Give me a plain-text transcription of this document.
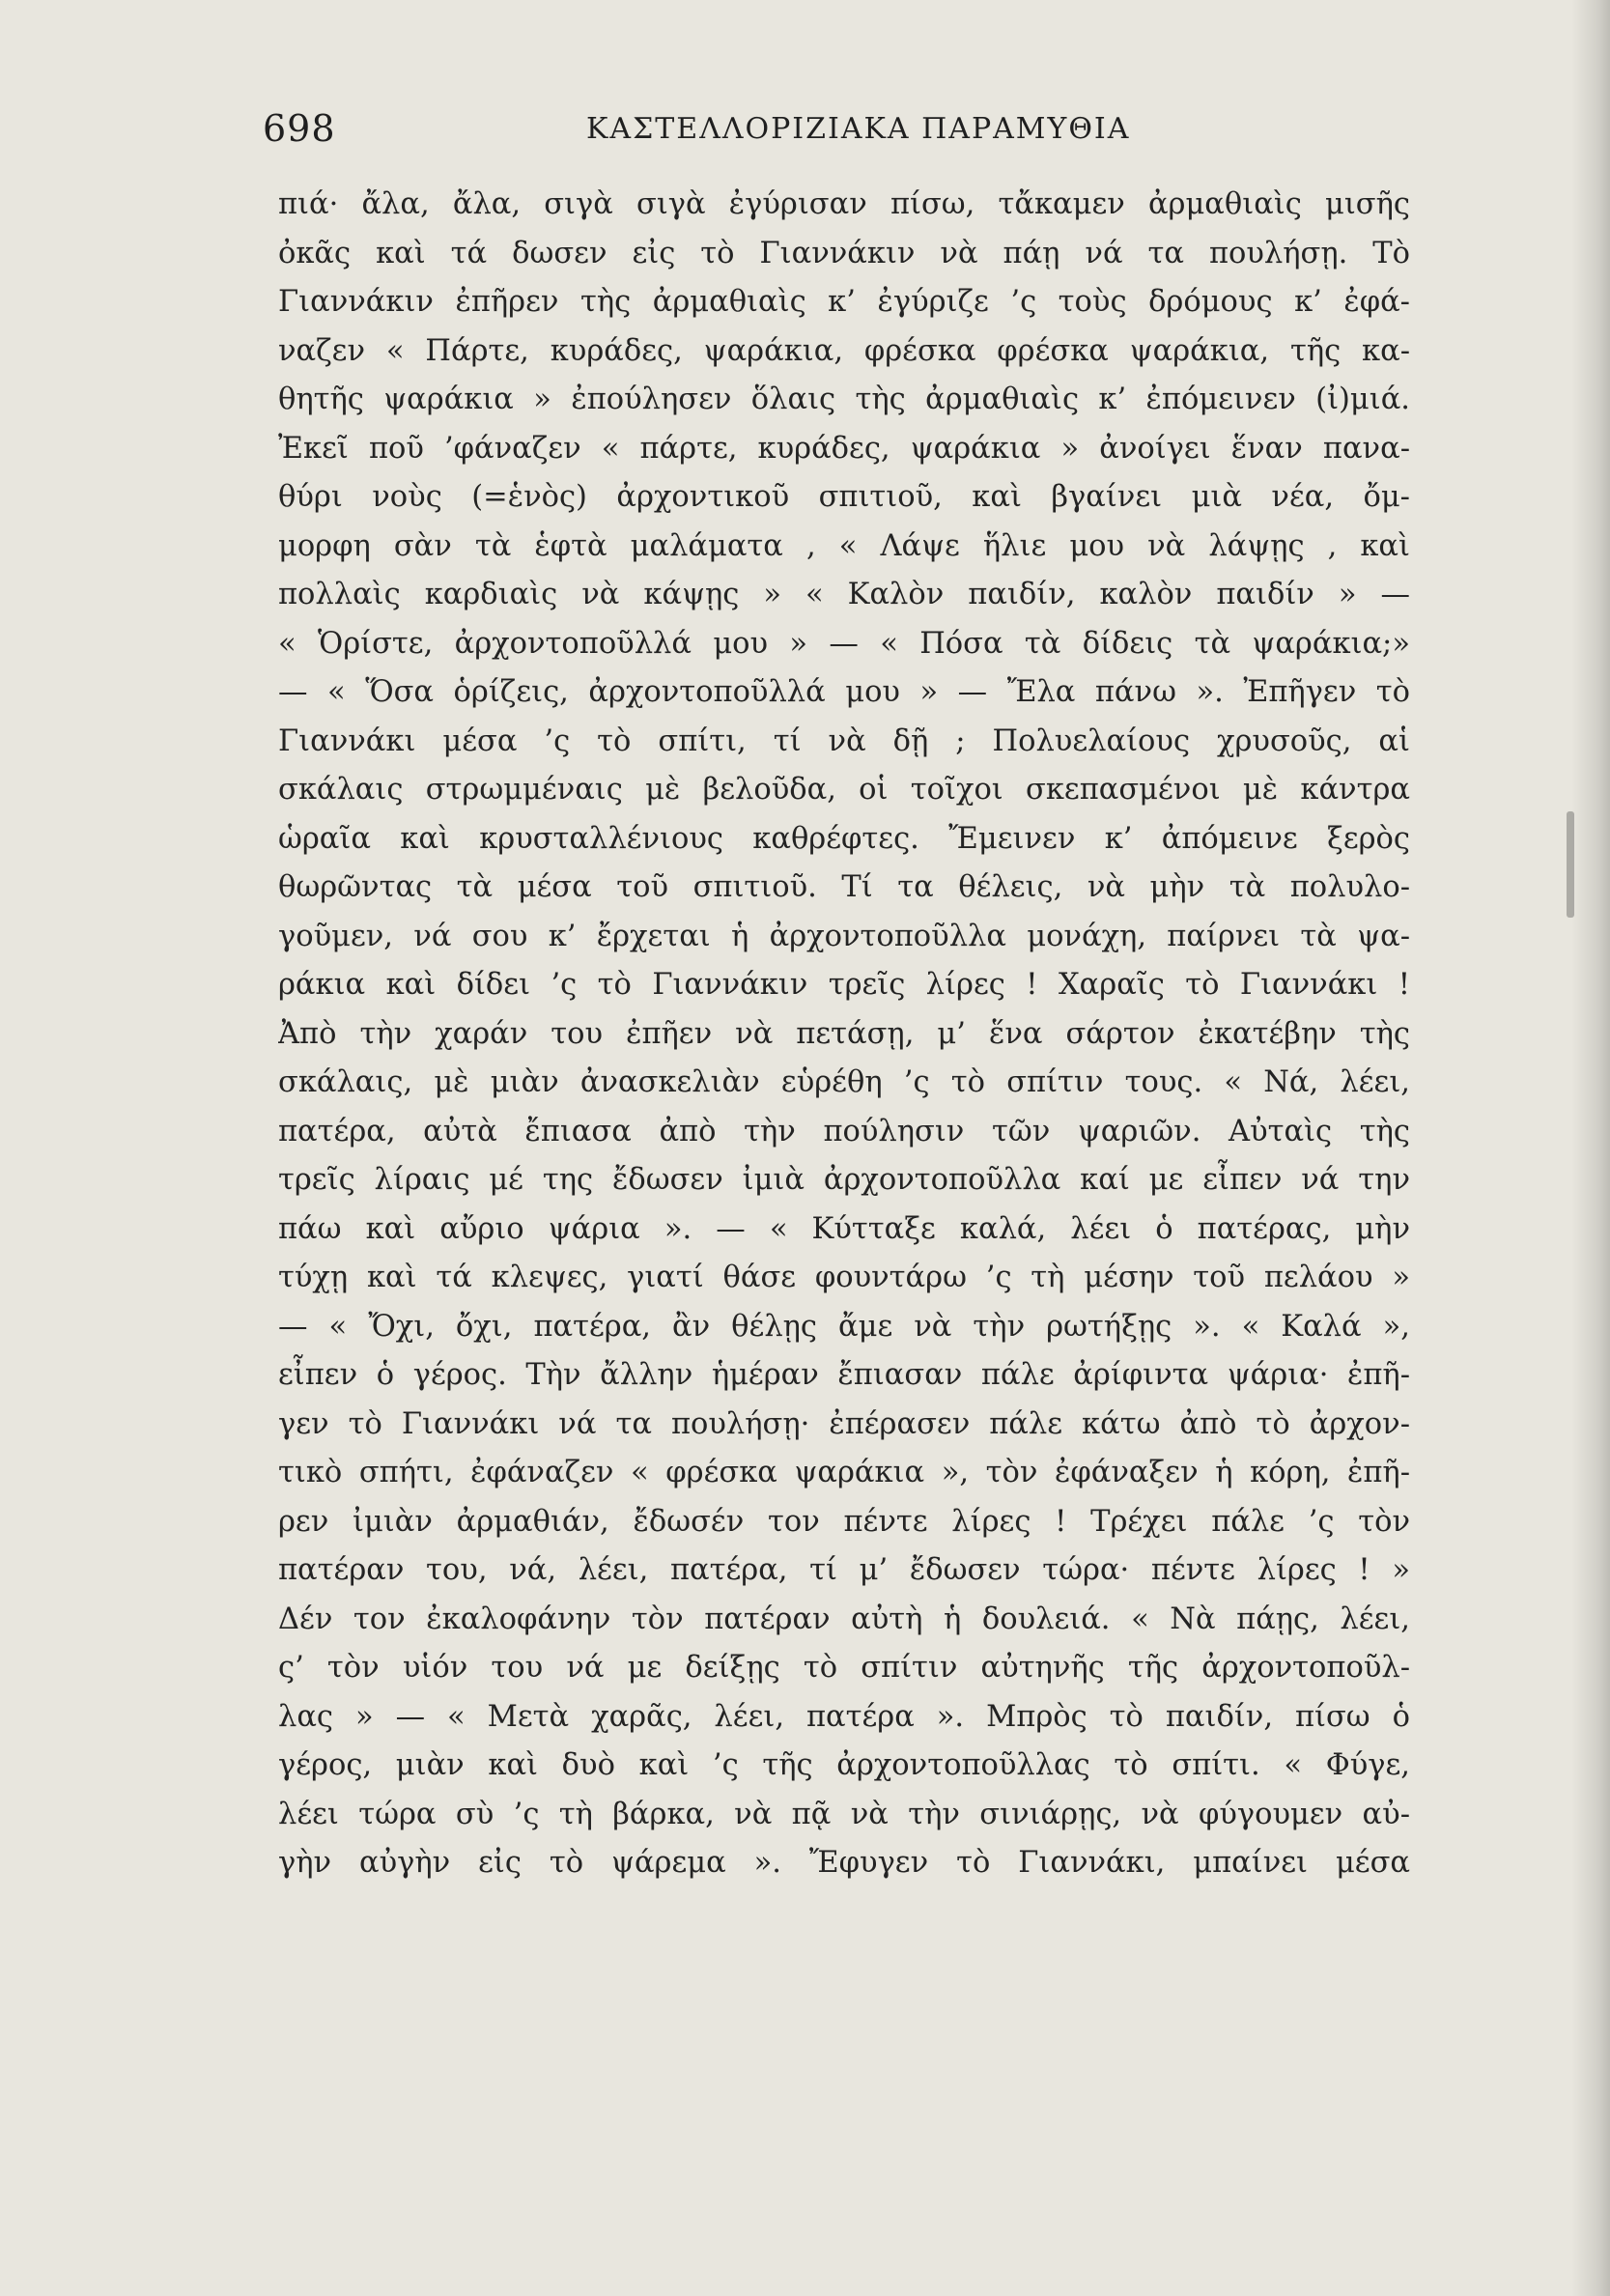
698	ΚΑΣΤΕΛΛΟΡΙΖΙΑΚΑ ΠΑΡΑΜΥΘΙΑ
πιά· ἄλα, ἄλα, σιγὰ σιγὰ ἐγύρισαν πίσω, τἄκαμεν ἀρμαθιαὶς μισῆς
ὀκᾶς καὶ τά δωσεν εἰς τὸ Γιαννάκιν νὰ πάῃ νά τα πουλήσῃ. Τὸ
Γιαννάκιν ἐπῆρεν τὴς ἀρμαθιαὶς κ’ ἐγύριζε ’ς τοὺς δρόμους κ’ ἐφά-
ναζεν « Πάρτε, κυράδες, ψαράκια, φρέσκα φρέσκα ψαράκια, τῆς κα-
θητῆς ψαράκια » ἐπούλησεν ὅλαις τὴς ἀρμαθιαὶς κ’ ἐπόμεινεν (ἰ)μιά.
Ἐκεῖ ποῦ ’φάναζεν « πάρτε, κυράδες, ψαράκια » ἀνοίγει ἕναν πανα-
θύρι νοὺς (=ἑνὸς) ἀρχοντικοῦ σπιτιοῦ, καὶ βγαίνει μιὰ νέα, ὄμ-
μορφη σὰν τὰ ἑφτὰ μαλάματα , « Λάψε ἥλιε μου νὰ λάψῃς , καὶ
πολλαὶς καρδιαὶς νὰ κάψῃς » « Καλὸν παιδίν, καλὸν παιδίν » —
« Ὁρίστε, ἀρχοντοποῦλλά μου » — « Πόσα τὰ δίδεις τὰ ψαράκια;»
— « Ὅσα ὁρίζεις, ἀρχοντοποῦλλά μου » — Ἔλα πάνω ». Ἐπῆγεν τὸ
Γιαννάκι μέσα ’ς τὸ σπίτι, τί νὰ δῇ ; Πολυελαίους χρυσοῦς, αἱ
σκάλαις στρωμμέναις μὲ βελοῦδα, οἱ τοῖχοι σκεπασμένοι μὲ κάντρα
ὡραῖα καὶ κρυσταλλένιους καθρέφτες. Ἔμεινεν κ’ ἀπόμεινε ξερὸς
θωρῶντας τὰ μέσα τοῦ σπιτιοῦ. Τί τα θέλεις, νὰ μὴν τὰ πολυλο-
γοῦμεν, νά σου κ’ ἔρχεται ἡ ἀρχοντοποῦλλα μονάχη, παίρνει τὰ ψα-
ράκια καὶ δίδει ’ς τὸ Γιαννάκιν τρεῖς λίρες ! Χαραῖς τὸ Γιαννάκι !
Ἀπὸ τὴν χαράν του ἐπῆεν νὰ πετάσῃ, μ’ ἕνα σάρτον ἐκατέβην τὴς
σκάλαις, μὲ μιὰν ἀνασκελιὰν εὑρέθη ’ς τὸ σπίτιν τους. « Νά, λέει,
πατέρα, αὐτὰ ἔπιασα ἀπὸ τὴν πούλησιν τῶν ψαριῶν. Αὐταὶς τὴς
τρεῖς λίραις μέ της ἔδωσεν ἰμιὰ ἀρχοντοποῦλλα καί με εἶπεν νά την
πάω καὶ αὔριο ψάρια ». — « Κύτταξε καλά, λέει ὁ πατέρας, μὴν
τύχῃ καὶ τά κλεψες, γιατί θάσε φουντάρω ’ς τὴ μέσην τοῦ πελάου »
— « Ὄχι, ὄχι, πατέρα, ἂν θέλῃς ἄμε νὰ τὴν ρωτήξῃς ». « Καλά »,
εἶπεν ὁ γέρος. Τὴν ἄλλην ἡμέραν ἔπιασαν πάλε ἀρίφιντα ψάρια· ἐπῆ-
γεν τὸ Γιαννάκι νά τα πουλήσῃ· ἐπέρασεν πάλε κάτω ἀπὸ τὸ ἀρχον-
τικὸ σπήτι, ἐφάναζεν « φρέσκα ψαράκια », τὸν ἐφάναξεν ἡ κόρη, ἐπῆ-
ρεν ἰμιὰν ἀρμαθιάν, ἔδωσέν τον πέντε λίρες ! Τρέχει πάλε ’ς τὸν
πατέραν του, νά, λέει, πατέρα, τί μ’ ἔδωσεν τώρα· πέντε λίρες ! »
Δέν τον ἐκαλοφάνην τὸν πατέραν αὐτὴ ἡ δουλειά. « Νὰ πάῃς, λέει,
ς’ τὸν υἱόν του νά με δείξῃς τὸ σπίτιν αὐτηνῆς τῆς ἀρχοντοποῦλ-
λας » — « Μετὰ χαρᾶς, λέει, πατέρα ». Μπρὸς τὸ παιδίν, πίσω ὁ
γέρος, μιὰν καὶ δυὸ καὶ ’ς τῆς ἀρχοντοποῦλλας τὸ σπίτι. « Φύγε,
λέει τώρα σὺ ’ς τὴ βάρκα, νὰ πᾷ νὰ τὴν σινιάρῃς, νὰ φύγουμεν αὐ-
γὴν αὐγὴν εἰς τὸ ψάρεμα ». Ἔφυγεν τὸ Γιαννάκι, μπαίνει μέσα
